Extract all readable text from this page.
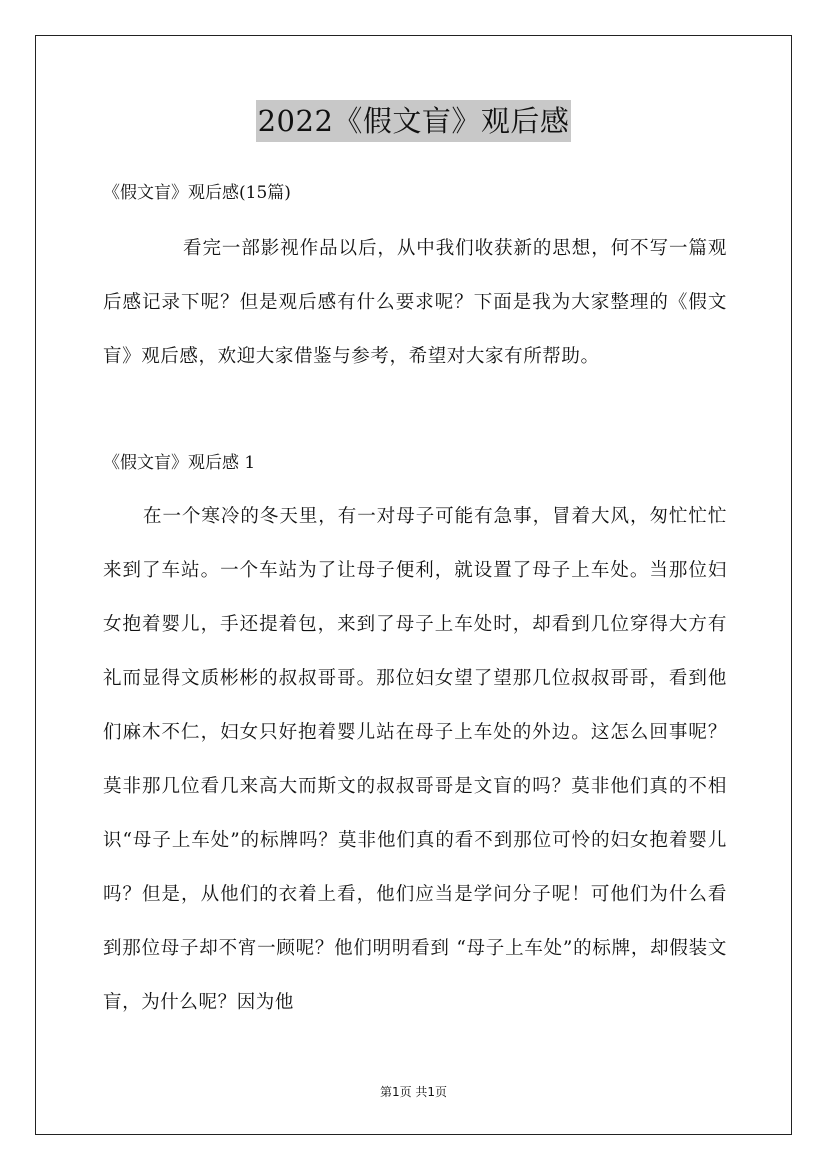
2022《假文盲》观后感

《假文盲》观后感(15篇)

看完一部影视作品以后，从中我们收获新的思想，何不写一篇观后感记录下呢？但是观后感有什么要求呢？下面是我为大家整理的《假文盲》观后感，欢迎大家借鉴与参考，希望对大家有所帮助。

《假文盲》观后感 1

在一个寒冷的冬天里，有一对母子可能有急事，冒着大风，匆忙忙忙来到了车站。一个车站为了让母子便利，就设置了母子上车处。当那位妇女抱着婴儿，手还提着包，来到了母子上车处时，却看到几位穿得大方有礼而显得文质彬彬的叔叔哥哥。那位妇女望了望那几位叔叔哥哥，看到他们麻木不仁，妇女只好抱着婴儿站在母子上车处的外边。这怎么回事呢？莫非那几位看几来高大而斯文的叔叔哥哥是文盲的吗？莫非他们真的不相识“母子上车处”的标牌吗？莫非他们真的看不到那位可怜的妇女抱着婴儿吗？但是，从他们的衣着上看，他们应当是学问分子呢！可他们为什么看到那位母子却不宵一顾呢？他们明明看到 “母子上车处”的标牌，却假装文盲，为什么呢？因为他

第1页 共1页
